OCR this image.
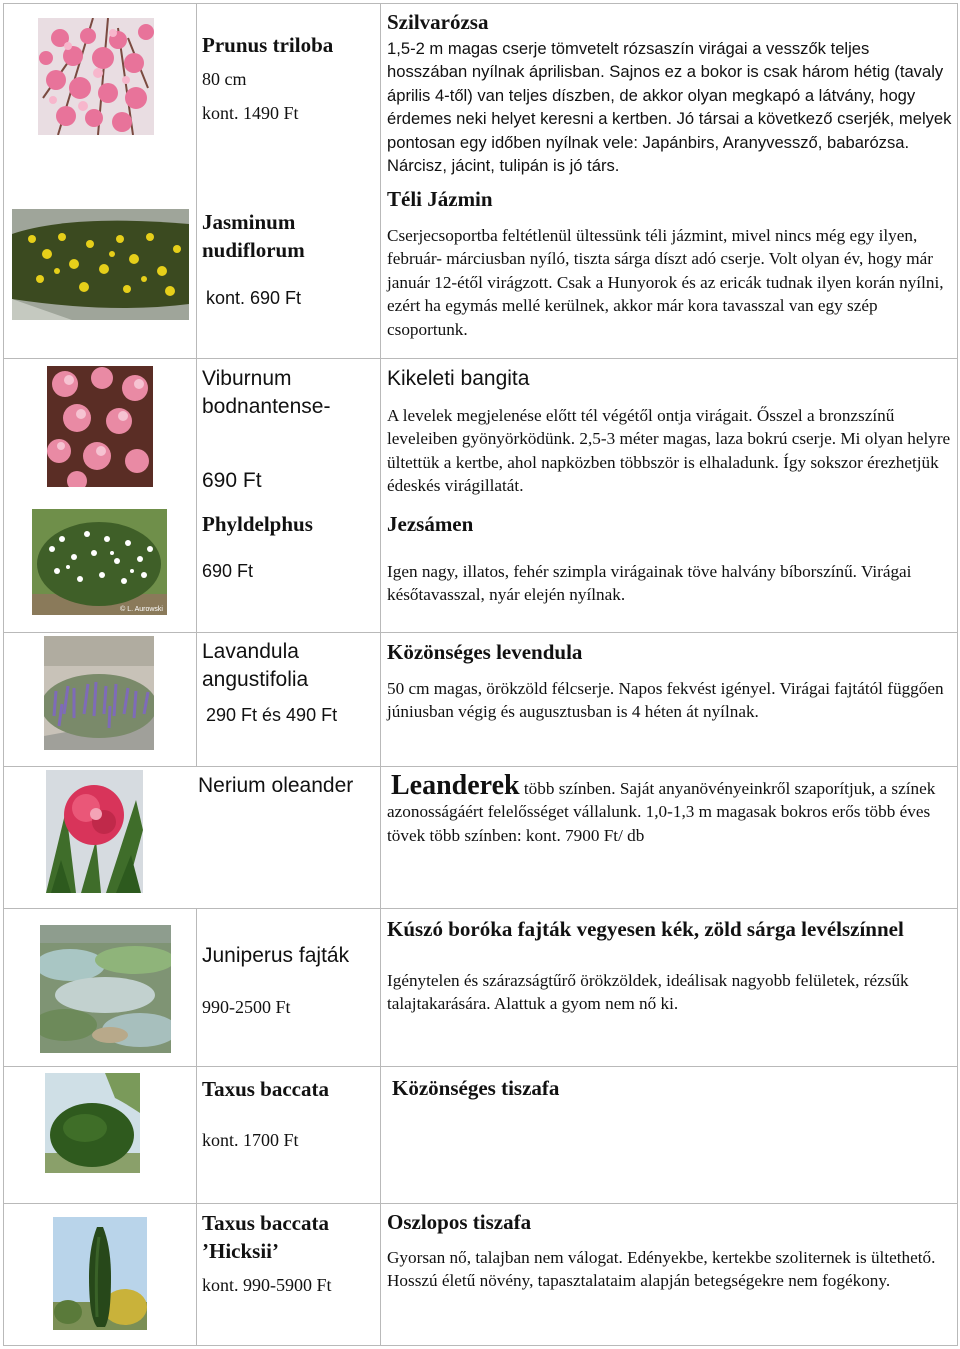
Prunus triloba
80 cm
kont. 1490 Ft
Szilvarózsa
1,5-2 m magas cserje tömvetelt rózsaszín virágai a vesszők teljes hosszában nyílnak áprilisban. Sajnos ez a bokor is csak három hétig (tavaly április 4-től) van teljes díszben, de akkor olyan megkapó a látvány, hogy érdemes neki helyet keresni a kertben. Jó társai a következő cserjék, melyek pontosan egy időben nyílnak vele: Japánbirs, Aranyvessző, babarózsa. Nárcisz, jácint, tulipán is jó társ.
Jasminum nudiflorum
kont. 690 Ft
Téli Jázmin
Cserjecsoportba feltétlenül ültessünk téli jázmint, mivel nincs még egy ilyen, február- márciusban nyíló, tiszta sárga díszt adó cserje. Volt olyan év, hogy már január 12-étől virágzott. Csak a Hunyorok és az ericák tudnak ilyen korán nyílni, ezért ha egymás mellé kerülnek, akkor már kora tavasszal van egy szép csoportunk.
Viburnum bodnantense-
690 Ft
Kikeleti bangita
A levelek megjelenése előtt tél végétől ontja virágait. Ősszel a bronzszínű leveleiben gyönyörködünk. 2,5-3 méter magas, laza bokrú cserje. Mi olyan helyre ültettük a kertbe, ahol napközben többször is elhaladunk. Így sokszor érezhetjük édeskés virágillatát.
© L. Aurowski
Phyldelphus
690 Ft
Jezsámen
Igen nagy, illatos, fehér szimpla virágainak töve halvány bíborszínű. Virágai későtavasszal, nyár elején nyílnak.
Lavandula angustifolia
290 Ft és 490 Ft
Közönséges levendula
50 cm magas, örökzöld félcserje. Napos fekvést igényel. Virágai fajtától függően júniusban végig és augusztusban is 4 héten át nyílnak.
Nerium oleander Leanderek több színben. Saját anyanövényeinkről szaporítjuk, a színek azonosságáért felelősséget vállalunk. 1,0-1,3 m magasak bokros erős több éves tövek több színben: kont. 7900 Ft/ db
Juniperus fajták
990-2500 Ft
Kúszó boróka fajták vegyesen kék, zöld sárga levélszínnel
Igénytelen és szárazságtűrő örökzöldek, ideálisak nagyobb felületek, rézsűk talajtakarására. Alattuk a gyom nem nő ki.
Taxus baccata
kont. 1700 Ft
Közönséges tiszafa
Taxus baccata ’Hicksii’
kont. 990-5900 Ft
Oszlopos tiszafa
Gyorsan nő, talajban nem válogat. Edényekbe, kertekbe szoliternek is ültethető. Hosszú életű növény, tapasztalataim alapján betegségekre nem fogékony.
